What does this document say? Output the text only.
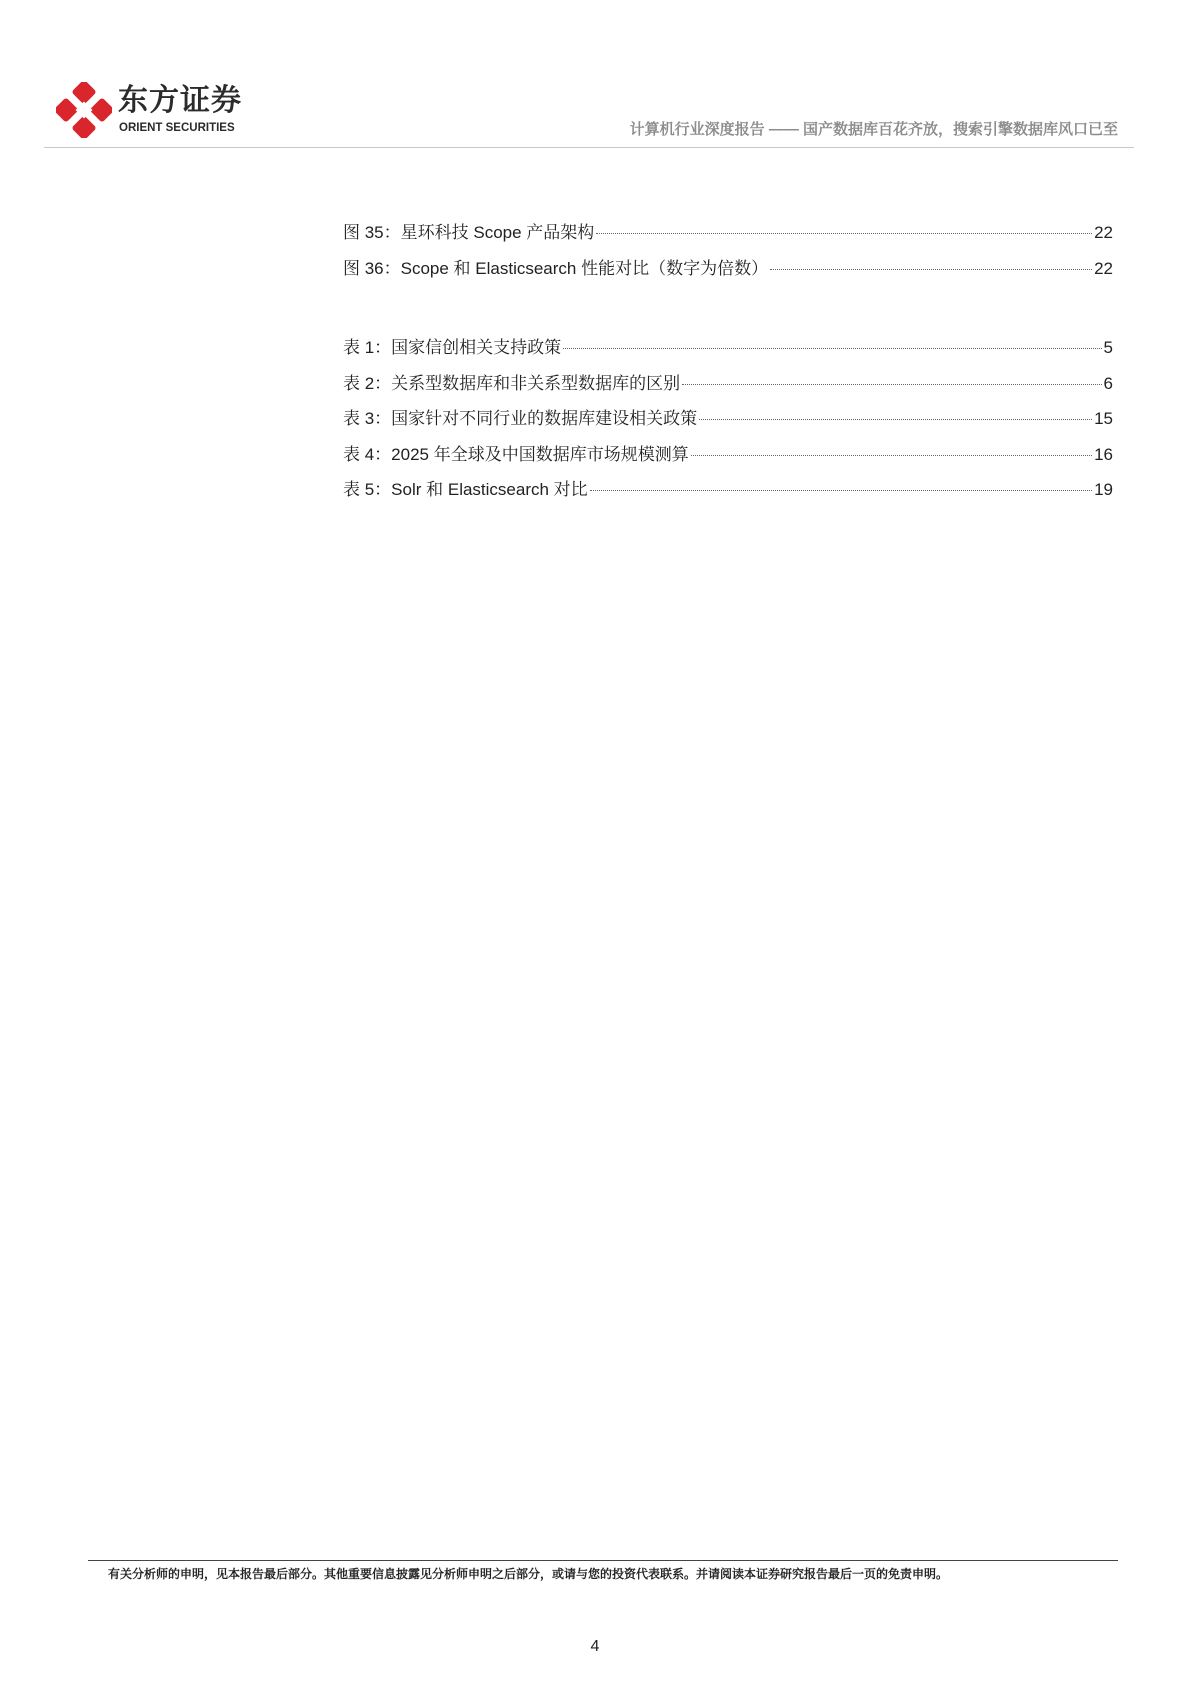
东方证券
ORIENT SECURITIES	计算机行业深度报告 —— 国产数据库百花齐放，搜索引擎数据库风口已至
图 35：星环科技 Scope 产品架构	22
图 36：Scope 和 Elasticsearch 性能对比（数字为倍数）	22
表 1：国家信创相关支持政策	5
表 2：关系型数据库和非关系型数据库的区别	6
表 3：国家针对不同行业的数据库建设相关政策	15
表 4：2025 年全球及中国数据库市场规模测算	16
表 5：Solr 和 Elasticsearch 对比	19
有关分析师的申明，见本报告最后部分。其他重要信息披露见分析师申明之后部分，或请与您的投资代表联系。并请阅读本证券研究报告最后一页的免责申明。
4
